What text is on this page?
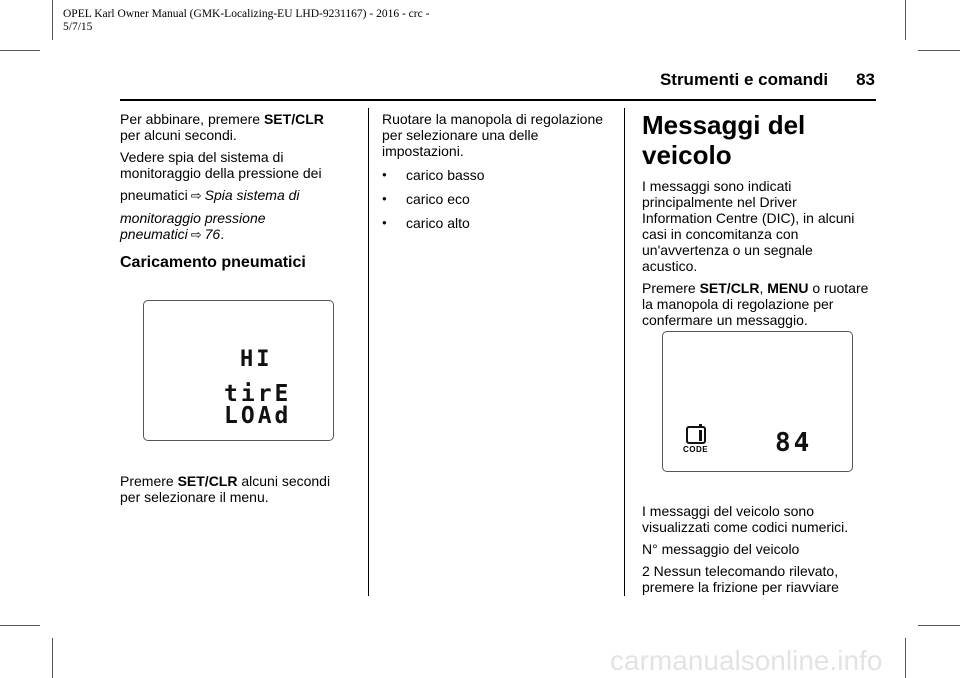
OPEL Karl Owner Manual (GMK-Localizing-EU LHD-9231167) - 2016 - crc -
5/7/15
Strumenti e comandi 83

Per abbinare, premere SET/CLR
per alcuni secondi.

Vedere spia del sistema di
monitoraggio della pressione dei
pneumatici ⇨ Spia sistema di
monitoraggio pressione
pneumatici ⇨ 76.

Caricamento pneumatici
HI
tirE
LOAd

Premere SET/CLR alcuni secondi
per selezionare il menu.

Ruotare la manopola di regolazione
per selezionare una delle
impostazioni.

●	carico basso
●	carico eco
●	carico alto
Messaggi del veicolo

I messaggi sono indicati
principalmente nel Driver
Information Centre (DIC), in alcuni
casi in concomitanza con
un'avvertenza o un segnale
acustico.

Premere SET/CLR, MENU o ruotare
la manopola di regolazione per
confermare un messaggio.

CODE	84

I messaggi del veicolo sono
visualizzati come codici numerici.

N° messaggio del veicolo

2 Nessun telecomando rilevato,
premere la frizione per riavviare

carmanualsonline.info
